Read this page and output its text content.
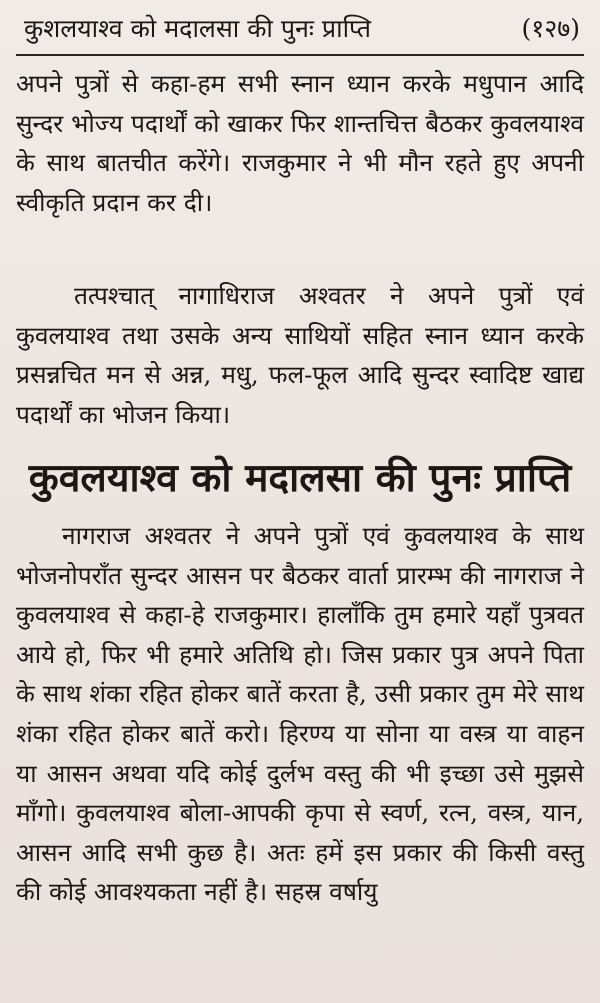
कुशलयाश्‍व को मदालसा की पुनः प्राप्ति	(१२७)

अपने पुत्रों से कहा-हम सभी स्नान ध्यान करके मधुपान आदि सुन्दर भोज्य पदार्थों को खाकर फिर शान्तचित्त बैठकर कुवलयाश्‍व के साथ बातचीत करेंगे। राजकुमार ने भी मौन रहते हुए अपनी स्वीकृति प्रदान कर दी।

तत्पश्‍चात् नागाधिराज अश्‍वतर ने अपने पुत्रों एवं कुवलयाश्‍व तथा उसके अन्य साथियों सहित स्नान ध्यान करके प्रसन्नचित मन से अन्न, मधु, फल-फूल आदि सुन्दर स्वादिष्ट खाद्य पदार्थों का भोजन किया।

कुवलयाश्‍व को मदालसा की पुनः प्राप्ति

नागराज अश्‍वतर ने अपने पुत्रों एवं कुवलयाश्‍व के साथ भोजनोपराँत सुन्दर आसन पर बैठकर वार्ता प्रारम्भ की नागराज ने कुवलयाश्‍व से कहा-हे राजकुमार। हालाँकि तुम हमारे यहाँ पुत्रवत आये हो, फिर भी हमारे अतिथि हो। जिस प्रकार पुत्र अपने पिता के साथ शंका रहित होकर बातें करता है, उसी प्रकार तुम मेरे साथ शंका रहित होकर बातें करो। हिरण्य या सोना या वस्त्र या वाहन या आसन अथवा यदि कोई दुर्लभ वस्तु की भी इच्छा उसे मुझसे माँगो। कुवलयाश्‍व बोला-आपकी कृपा से स्वर्ण, रत्न, वस्त्र, यान, आसन आदि सभी कुछ है। अतः हमें इस प्रकार की किसी वस्तु की कोई आवश्यकता नहीं है। सहस्र वर्षायु
